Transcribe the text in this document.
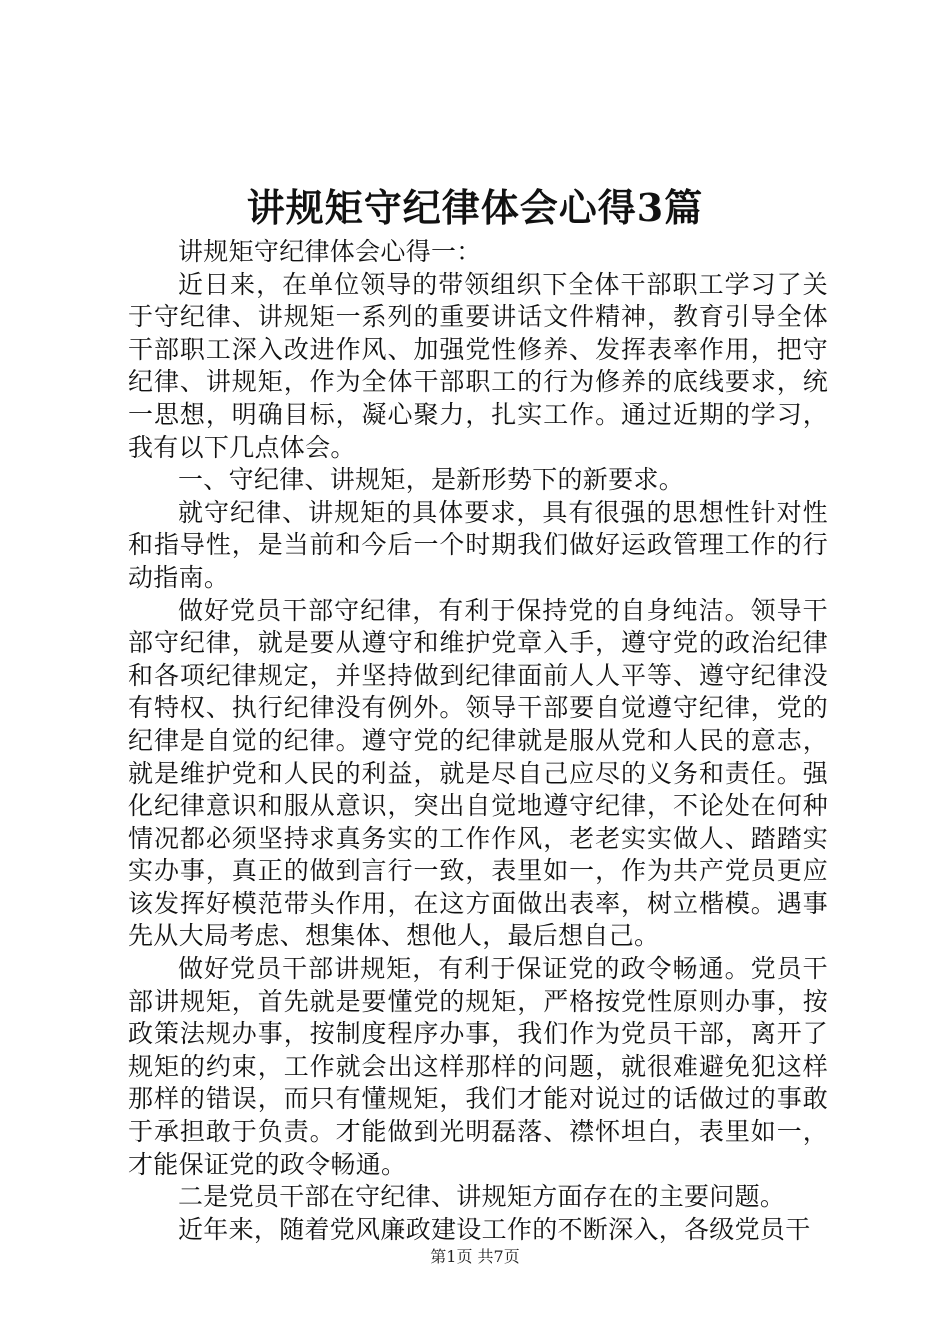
讲规矩守纪律体会心得3篇

讲规矩守纪律体会心得一：

近日来，在单位领导的带领组织下全体干部职工学习了关于守纪律、讲规矩一系列的重要讲话文件精神，教育引导全体干部职工深入改进作风、加强党性修养、发挥表率作用，把守纪律、讲规矩，作为全体干部职工的行为修养的底线要求，统一思想，明确目标，凝心聚力，扎实工作。通过近期的学习，我有以下几点体会。

一、守纪律、讲规矩，是新形势下的新要求。

就守纪律、讲规矩的具体要求，具有很强的思想性针对性和指导性，是当前和今后一个时期我们做好运政管理工作的行动指南。

做好党员干部守纪律，有利于保持党的自身纯洁。领导干部守纪律，就是要从遵守和维护党章入手，遵守党的政治纪律和各项纪律规定，并坚持做到纪律面前人人平等、遵守纪律没有特权、执行纪律没有例外。领导干部要自觉遵守纪律，党的纪律是自觉的纪律。遵守党的纪律就是服从党和人民的意志，就是维护党和人民的利益，就是尽自己应尽的义务和责任。强化纪律意识和服从意识，突出自觉地遵守纪律，不论处在何种情况都必须坚持求真务实的工作作风，老老实实做人、踏踏实实办事，真正的做到言行一致，表里如一，作为共产党员更应该发挥好模范带头作用，在这方面做出表率，树立楷模。遇事先从大局考虑、想集体、想他人，最后想自己。

做好党员干部讲规矩，有利于保证党的政令畅通。党员干部讲规矩，首先就是要懂党的规矩，严格按党性原则办事，按政策法规办事，按制度程序办事，我们作为党员干部，离开了规矩的约束，工作就会出这样那样的问题，就很难避免犯这样那样的错误，而只有懂规矩，我们才能对说过的话做过的事敢于承担敢于负责。才能做到光明磊落、襟怀坦白，表里如一，才能保证党的政令畅通。

二是党员干部在守纪律、讲规矩方面存在的主要问题。

近年来，随着党风廉政建设工作的不断深入，各级党员干

第1页 共7页
